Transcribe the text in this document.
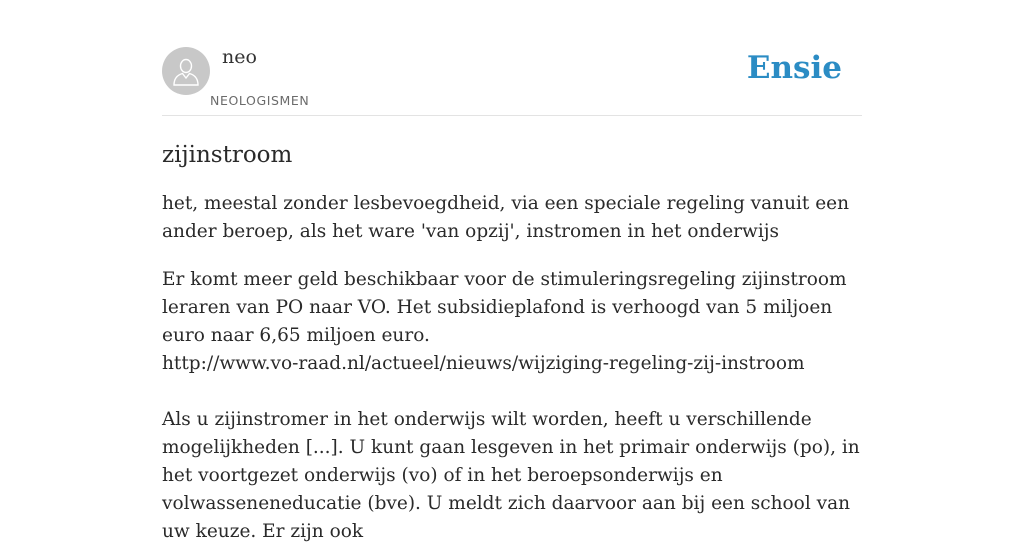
neo
NEOLOGISMEN
Ensie
zijinstroom

het, meestal zonder lesbevoegdheid, via een speciale regeling vanuit een ander beroep, als het ware 'van opzij', instromen in het onderwijs

Er komt meer geld beschikbaar voor de stimuleringsregeling zijinstroom leraren van PO naar VO. Het subsidieplafond is verhoogd van 5 miljoen euro naar 6,65 miljoen euro.
http://www.vo-raad.nl/actueel/nieuws/wijziging-regeling-zij-instroom

Als u zijinstromer in het onderwijs wilt worden, heeft u verschillende mogelijkheden [...]. U kunt gaan lesgeven in het primair onderwijs (po), in het voortgezet onderwijs (vo) of in het beroepsonderwijs en volwasseneneducatie (bve). U meldt zich daarvoor aan bij een school van uw keuze. Er zijn ook
